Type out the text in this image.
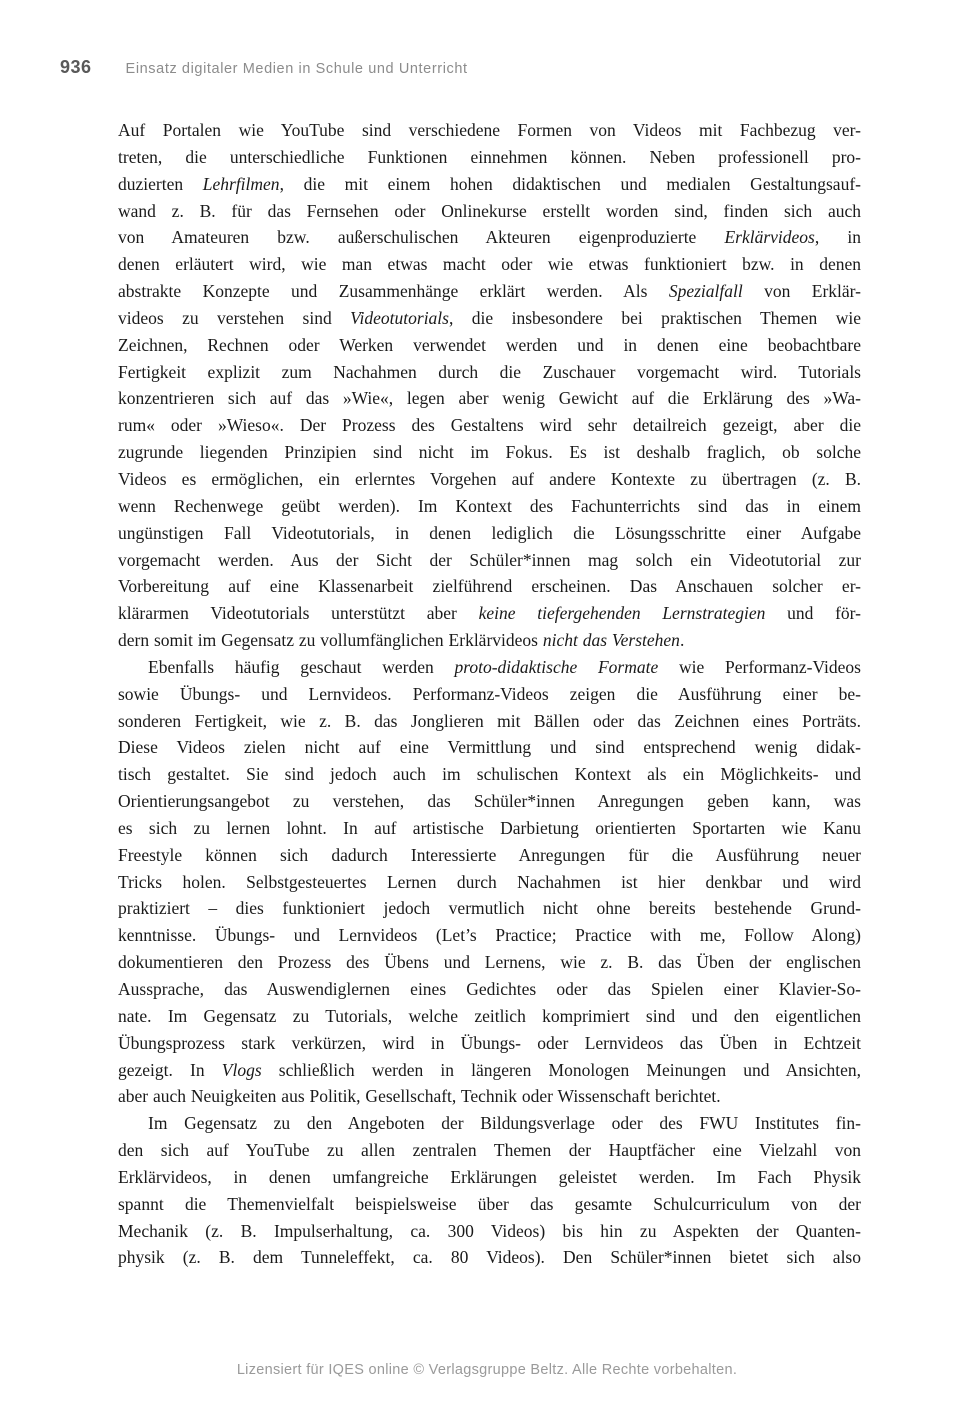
936 Einsatz digitaler Medien in Schule und Unterricht
Auf Portalen wie YouTube sind verschiedene Formen von Videos mit Fachbezug ver-
treten, die unterschiedliche Funktionen einnehmen können. Neben professionell pro-
duzierten Lehrfilmen, die mit einem hohen didaktischen und medialen Gestaltungsauf-
wand z. B. für das Fernsehen oder Onlinekurse erstellt worden sind, finden sich auch
von Amateuren bzw. außerschulischen Akteuren eigenproduzierte Erklärvideos, in
denen erläutert wird, wie man etwas macht oder wie etwas funktioniert bzw. in denen
abstrakte Konzepte und Zusammenhänge erklärt werden. Als Spezialfall von Erklär-
videos zu verstehen sind Videotutorials, die insbesondere bei praktischen Themen wie
Zeichnen, Rechnen oder Werken verwendet werden und in denen eine beobachtbare
Fertigkeit explizit zum Nachahmen durch die Zuschauer vorgemacht wird. Tutorials
konzentrieren sich auf das »Wie«, legen aber wenig Gewicht auf die Erklärung des »Wa-
rum« oder »Wieso«. Der Prozess des Gestaltens wird sehr detailreich gezeigt, aber die
zugrunde liegenden Prinzipien sind nicht im Fokus. Es ist deshalb fraglich, ob solche
Videos es ermöglichen, ein erlerntes Vorgehen auf andere Kontexte zu übertragen (z. B.
wenn Rechenwege geübt werden). Im Kontext des Fachunterrichts sind das in einem
ungünstigen Fall Videotutorials, in denen lediglich die Lösungsschritte einer Aufgabe
vorgemacht werden. Aus der Sicht der Schüler*innen mag solch ein Videotutorial zur
Vorbereitung auf eine Klassenarbeit zielführend erscheinen. Das Anschauen solcher er-
klärarmen Videotutorials unterstützt aber keine tiefergehenden Lernstrategien und för-
dern somit im Gegensatz zu vollumfänglichen Erklärvideos nicht das Verstehen.
Ebenfalls häufig geschaut werden proto-didaktische Formate wie Performanz-Videos
sowie Übungs- und Lernvideos. Performanz-Videos zeigen die Ausführung einer be-
sonderen Fertigkeit, wie z. B. das Jonglieren mit Bällen oder das Zeichnen eines Porträts.
Diese Videos zielen nicht auf eine Vermittlung und sind entsprechend wenig didak-
tisch gestaltet. Sie sind jedoch auch im schulischen Kontext als ein Möglichkeits- und
Orientierungsangebot zu verstehen, das Schüler*innen Anregungen geben kann, was
es sich zu lernen lohnt. In auf artistische Darbietung orientierten Sportarten wie Kanu
Freestyle können sich dadurch Interessierte Anregungen für die Ausführung neuer
Tricks holen. Selbstgesteuertes Lernen durch Nachahmen ist hier denkbar und wird
praktiziert – dies funktioniert jedoch vermutlich nicht ohne bereits bestehende Grund-
kenntnisse. Übungs- und Lernvideos (Let’s Practice; Practice with me, Follow Along)
dokumentieren den Prozess des Übens und Lernens, wie z. B. das Üben der englischen
Aussprache, das Auswendiglernen eines Gedichtes oder das Spielen einer Klavier-So-
nate. Im Gegensatz zu Tutorials, welche zeitlich komprimiert sind und den eigentlichen
Übungsprozess stark verkürzen, wird in Übungs- oder Lernvideos das Üben in Echtzeit
gezeigt. In Vlogs schließlich werden in längeren Monologen Meinungen und Ansichten,
aber auch Neuigkeiten aus Politik, Gesellschaft, Technik oder Wissenschaft berichtet.
Im Gegensatz zu den Angeboten der Bildungsverlage oder des FWU Institutes fin-
den sich auf YouTube zu allen zentralen Themen der Hauptfächer eine Vielzahl von
Erklärvideos, in denen umfangreiche Erklärungen geleistet werden. Im Fach Physik
spannt die Themenvielfalt beispielsweise über das gesamte Schulcurriculum von der
Mechanik (z. B. Impulserhaltung, ca. 300 Videos) bis hin zu Aspekten der Quanten-
physik (z. B. dem Tunneleffekt, ca. 80 Videos). Den Schüler*innen bietet sich also
Lizensiert für IQES online © Verlagsgruppe Beltz. Alle Rechte vorbehalten.
